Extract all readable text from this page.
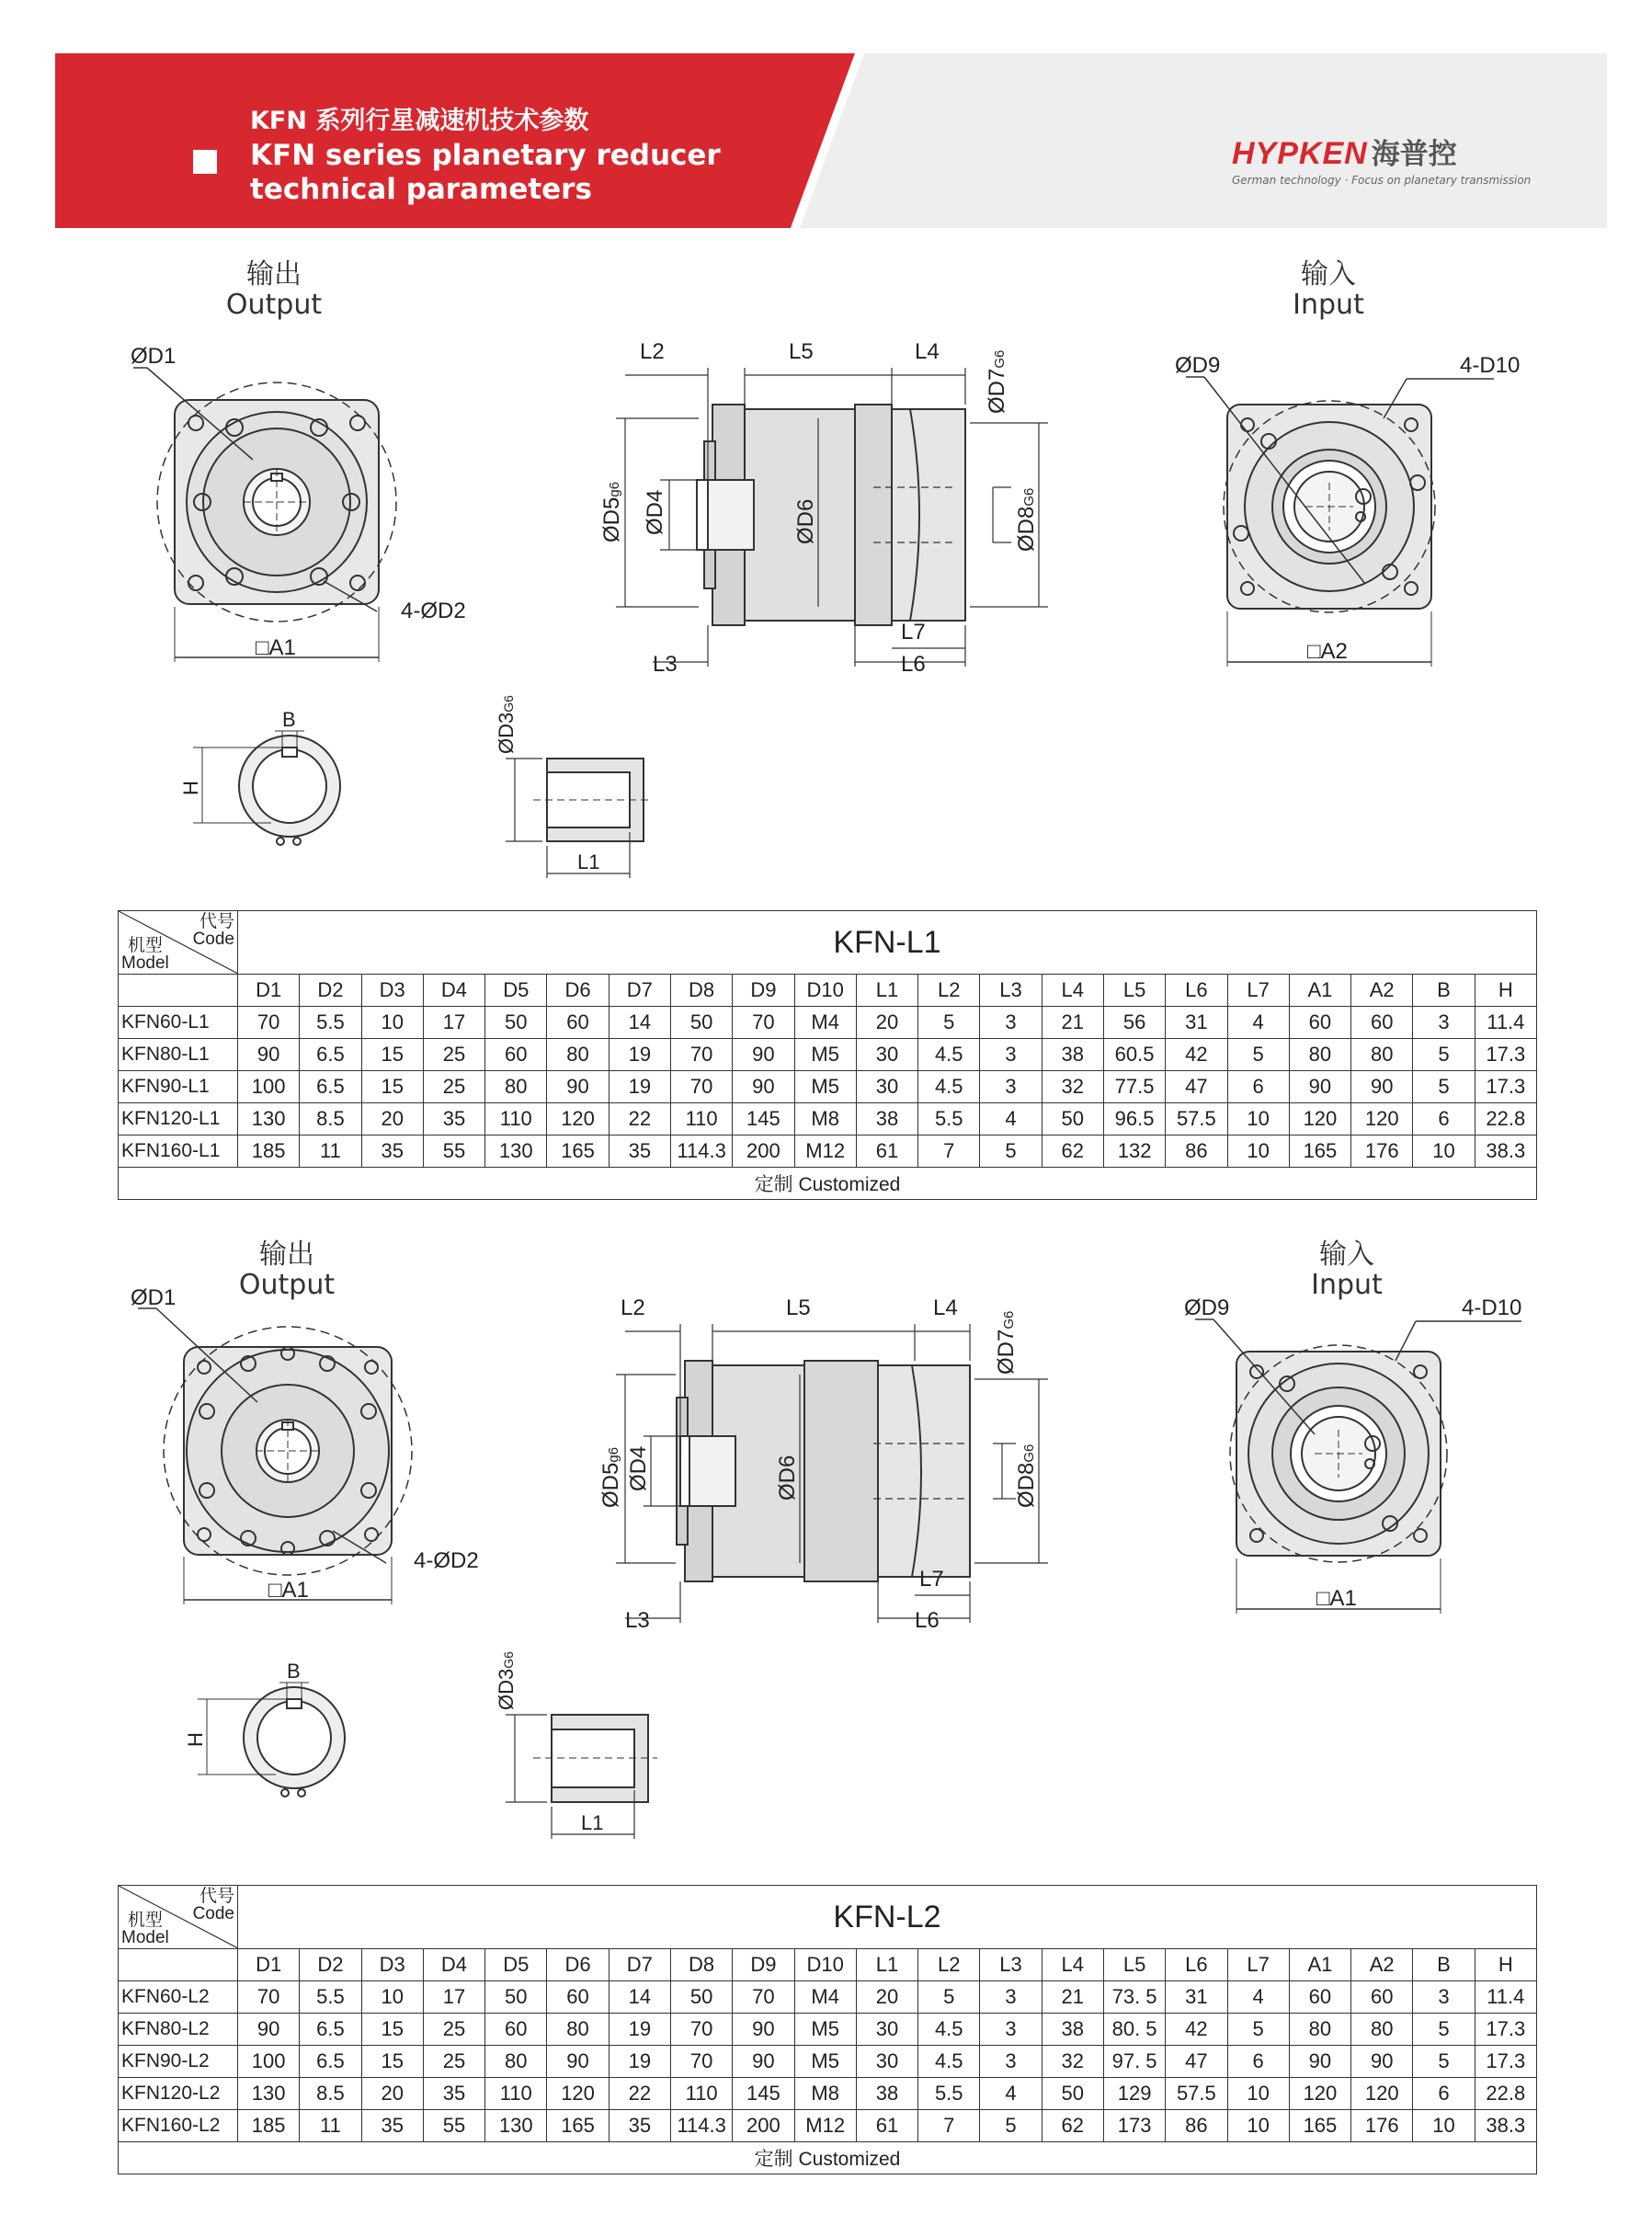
KFN 系列行星减速机技术参数
KFN series planetary reducer technical parameters
HYPKEN 海普控
German technology · Focus on planetary transmission
输出
Output
输入
Input
ØD1
4-ØD2
□A1
L2	L5	L4
ØD7G6
ØD5g6
ØD4	ØD6	ØD8G6
L7
L6
L3
ØD9	4-D10
□A2
B
H
ØD3G6
L1
代号
Code
机型
Model	KFN-L1																				

	D1	D2	D3	D4	D5	D6	D7	D8	D9	D10	L1	L2	L3	L4	L5	L6	L7	A1	A2	B	H
KFN60-L1	70	5.5	10	17	50	60	14	50	70	M4	20	5	3	21	56	31	4	60	60	3	11.4
KFN80-L1	90	6.5	15	25	60	80	19	70	90	M5	30	4.5	3	38	60.5	42	5	80	80	5	17.3
KFN90-L1	100	6.5	15	25	80	90	19	70	90	M5	30	4.5	3	32	77.5	47	6	90	90	5	17.3
KFN120-L1	130	8.5	20	35	110	120	22	110	145	M8	38	5.5	4	50	96.5	57.5	10	120	120	6	22.8
KFN160-L1	185	11	35	55	130	165	35	114.3	200	M12	61	7	5	62	132	86	10	165	176	10	38.3
定制 Customized																					
输出
Output
输入
Input
ØD1
4-ØD2
□A1
L2	L5	L4
ØD7G6
ØD5g6 ØD4	ØD6	ØD8G6
L7
L6
L3
ØD9	4-D10
□A1
B
H
ØD3G6
L1
代号
Code
机型
Model	KFN-L2																				

	D1	D2	D3	D4	D5	D6	D7	D8	D9	D10	L1	L2	L3	L4	L5	L6	L7	A1	A2	B	H
KFN60-L2	70	5.5	10	17	50	60	14	50	70	M4	20	5	3	21	73. 5	31	4	60	60	3	11.4
KFN80-L2	90	6.5	15	25	60	80	19	70	90	M5	30	4.5	3	38	80. 5	42	5	80	80	5	17.3
KFN90-L2	100	6.5	15	25	80	90	19	70	90	M5	30	4.5	3	32	97. 5	47	6	90	90	5	17.3
KFN120-L2	130	8.5	20	35	110	120	22	110	145	M8	38	5.5	4	50	129	57.5	10	120	120	6	22.8
KFN160-L2	185	11	35	55	130	165	35	114.3	200	M12	61	7	5	62	173	86	10	165	176	10	38.3
定制 Customized																					
